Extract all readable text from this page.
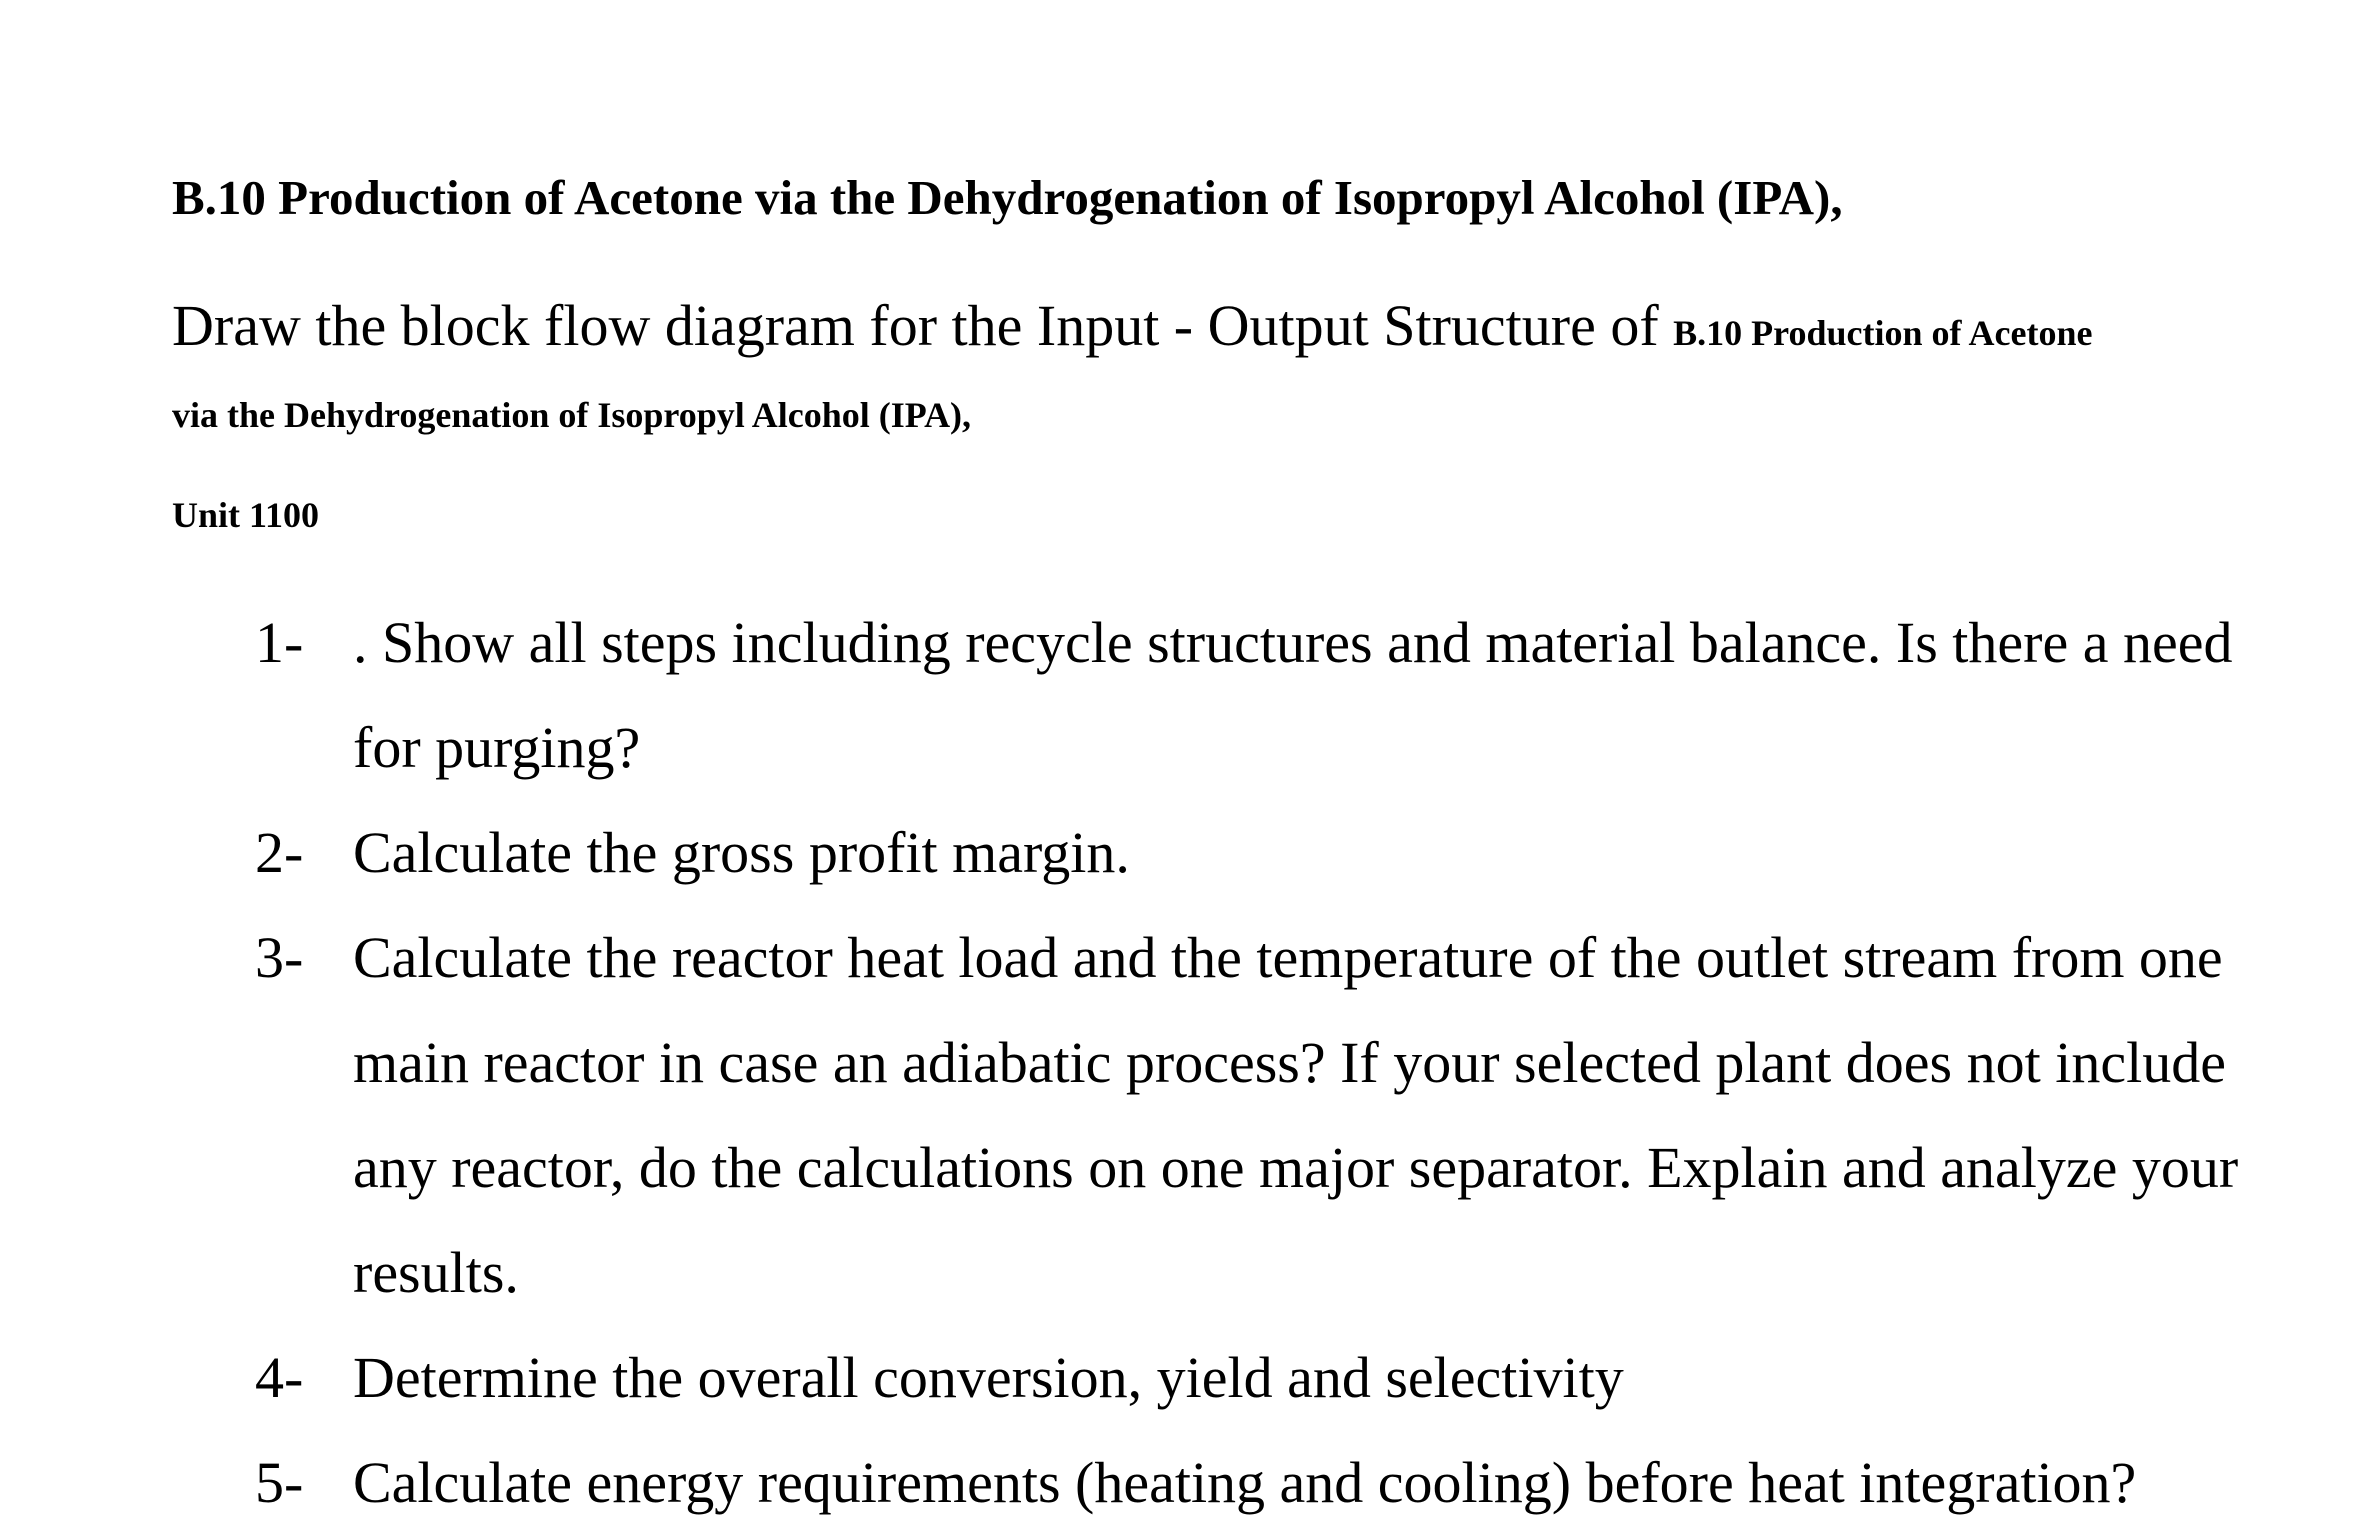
B.10 Production of Acetone via the Dehydrogenation of Isopropyl Alcohol (IPA),
Draw the block flow diagram for the Input - Output Structure of B.10 Production of Acetone
via the Dehydrogenation of Isopropyl Alcohol (IPA),
Unit 1100
1- . Show all steps including recycle structures and material balance. Is there a need for purging?
2- Calculate the gross profit margin.
3- Calculate the reactor heat load and the temperature of the outlet stream from one main reactor in case an adiabatic process? If your selected plant does not include any reactor, do the calculations on one major separator. Explain and analyze your results.
4- Determine the overall conversion, yield and selectivity
5- Calculate energy requirements (heating and cooling) before heat integration?
